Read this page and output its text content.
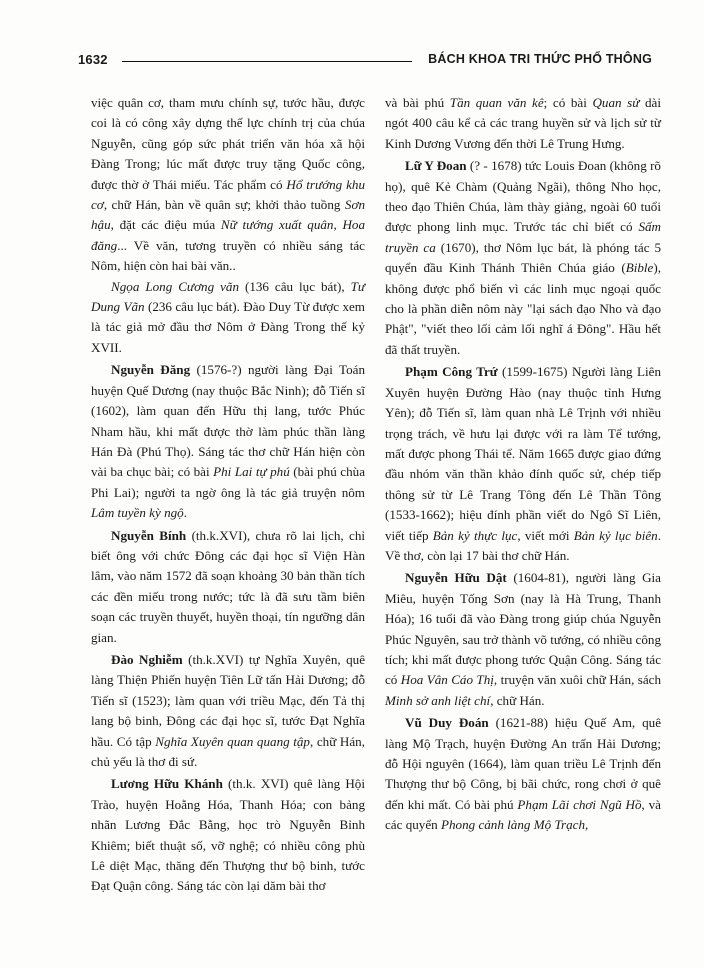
1632	BÁCH KHOA TRI THỨC PHỔ THÔNG

việc quân cơ, tham mưu chính sự, tước hầu, được coi là có công xây dựng thế lực chính trị của chúa Nguyễn, cũng góp sức phát triển văn hóa xã hội Đàng Trong; lúc mất được truy tặng Quốc công, được thờ ở Thái miếu. Tác phẩm có Hổ trướng khu cơ, chữ Hán, bàn về quân sự; khởi thảo tuồng Sơn hậu, đặt các điệu múa Nữ tướng xuất quân, Hoa đăng... Về văn, tương truyền có nhiều sáng tác Nôm, hiện còn hai bài văn..

Ngọa Long Cương vãn (136 câu lục bát), Tư Dung Vãn (236 câu lục bát). Đào Duy Từ được xem là tác giả mở đầu thơ Nôm ở Đàng Trong thế kỷ XVII.

Nguyễn Đăng (1576-?) người làng Đại Toán huyện Quế Dương (nay thuộc Bắc Ninh); đỗ Tiến sĩ (1602), làm quan đến Hữu thị lang, tước Phúc Nham hầu, khi mất được thờ làm phúc thần làng Hán Đà (Phú Thọ). Sáng tác thơ chữ Hán hiện còn vài ba chục bài; có bài Phi Lai tự phú (bài phú chùa Phi Lai); người ta ngờ ông là tác giả truyện nôm Lâm tuyền kỳ ngộ.

Nguyễn Bính (th.k.XVI), chưa rõ lai lịch, chỉ biết ông với chức Đông các đại học sĩ Viện Hàn lâm, vào năm 1572 đã soạn khoảng 30 bản thần tích các đền miếu trong nước; tức là đã sưu tầm biên soạn các truyền thuyết, huyền thoại, tín ngưỡng dân gian.

Đào Nghiễm (th.k.XVI) tự Nghĩa Xuyên, quê làng Thiện Phiến huyện Tiên Lữ tấn Hải Dương; đỗ Tiến sĩ (1523); làm quan với triều Mạc, đến Tả thị lang bộ binh, Đông các đại học sĩ, tước Đạt Nghĩa hầu. Có tập Nghĩa Xuyên quan quang tập, chữ Hán, chủ yếu là thơ đi sứ.

Lương Hữu Khánh (th.k. XVI) quê làng Hội Trào, huyện Hoằng Hóa, Thanh Hóa; con bảng nhãn Lương Đắc Bằng, học trò Nguyễn Bỉnh Khiêm; biết thuật số, vỡ nghệ; có nhiều công phù Lê diệt Mạc, thăng đến Thượng thư bộ binh, tước Đạt Quận công. Sáng tác còn lại dăm bài thơ

và bài phú Tần quan văn kê; có bài Quan sử dài ngót 400 câu kể cả các trang huyền sử và lịch sử từ Kinh Dương Vương đến thời Lê Trung Hưng.

Lữ Y Đoan (? - 1678) tức Louis Đoan (không rõ họ), quê Kẻ Chàm (Quảng Ngãi), thông Nho học, theo đạo Thiên Chúa, làm thày giảng, ngoài 60 tuổi được phong linh mục. Trước tác chỉ biết có Sấm truyền ca (1670), thơ Nôm lục bát, là phóng tác 5 quyển đầu Kinh Thánh Thiên Chúa giáo (Bible), không được phổ biến vì các linh mục ngoại quốc cho là phần diễn nôm này "lại sách đạo Nho và đạo Phật", "viết theo lối cảm lối nghĩ á Đông". Hầu hết đã thất truyền.

Phạm Công Trứ (1599-1675) Người làng Liên Xuyên huyện Đường Hào (nay thuộc tỉnh Hưng Yên); đỗ Tiến sĩ, làm quan nhà Lê Trịnh với nhiều trọng trách, về hưu lại được với ra làm Tể tướng, mất được phong Thái tể. Năm 1665 được giao đứng đầu nhóm văn thần khảo đính quốc sử, chép tiếp thông sử từ Lê Trang Tông đến Lê Thần Tông (1533-1662); hiệu đính phần viết do Ngô Sĩ Liên, viết tiếp Bản kỷ thực lục, viết mới Bản kỷ lục biên. Về thơ, còn lại 17 bài thơ chữ Hán.

Nguyễn Hữu Dật (1604-81), người làng Gia Miêu, huyện Tống Sơn (nay là Hà Trung, Thanh Hóa); 16 tuổi đã vào Đàng trong giúp chúa Nguyễn Phúc Nguyên, sau trở thành võ tướng, có nhiều công tích; khi mất được phong tước Quận Công. Sáng tác có Hoa Vân Cáo Thị, truyện văn xuôi chữ Hán, sách Minh sở anh liệt chí, chữ Hán.

Vũ Duy Đoán (1621-88) hiệu Quế Am, quê làng Mộ Trạch, huyện Đường An trấn Hải Dương; đỗ Hội nguyên (1664), làm quan triều Lê Trịnh đến Thượng thư bộ Công, bị bãi chức, rong chơi ở quê đến khi mất. Có bài phú Phạm Lãi chơi Ngũ Hồ, và các quyển Phong cảnh làng Mộ Trạch,
